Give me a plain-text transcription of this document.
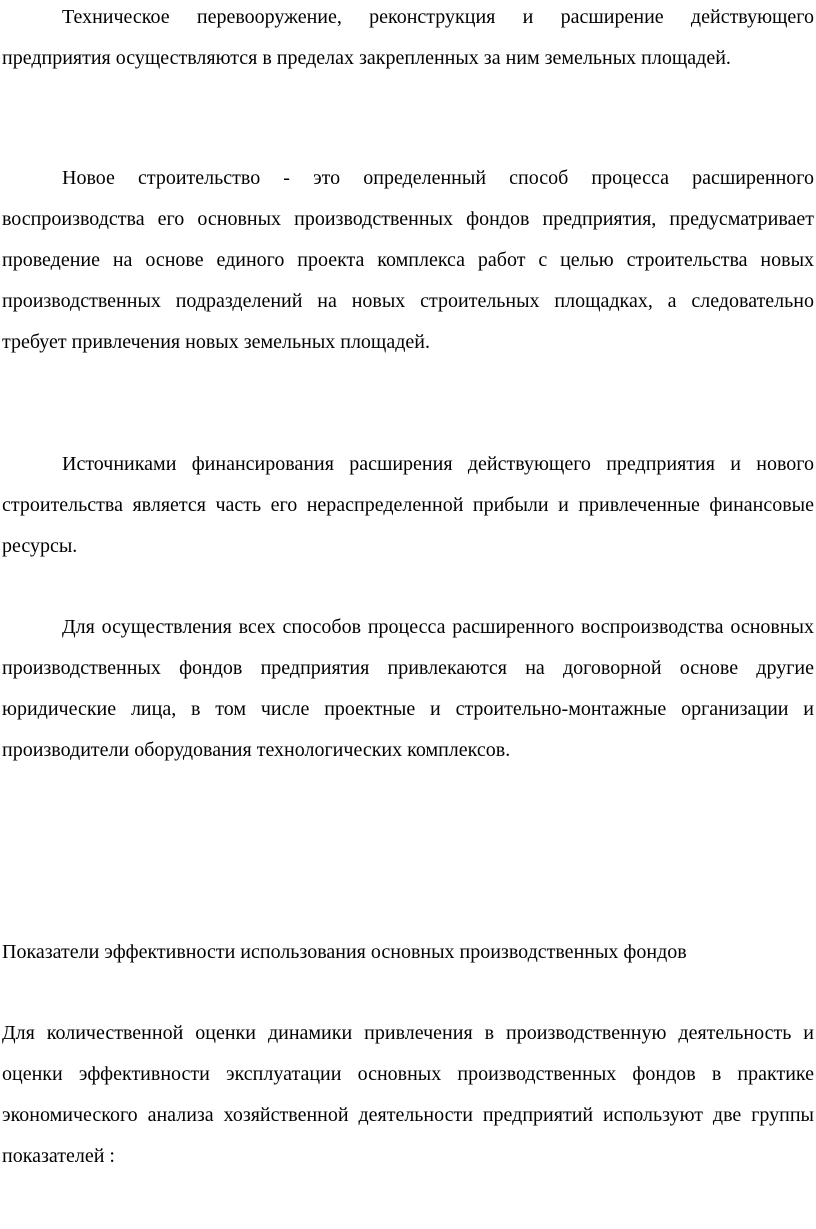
Техническое перевооружение, реконструкция и расширение действующего предприятия осуществляются в пределах закрепленных за ним земельных площадей.

Новое строительство - это определенный способ процесса расширенного воспроизводства его основных производственных фондов предприятия, предусматривает проведение на основе единого проекта комплекса работ с целью строительства новых производственных подразделений на новых строительных площадках, а следовательно требует привлечения новых земельных площадей.

Источниками финансирования расширения действующего предприятия и нового строительства является часть его нераспределенной прибыли и привлеченные финансовые ресурсы.

Для осуществления всех способов процесса расширенного воспроизводства основных производственных фондов предприятия привлекаются на договорной основе другие юридические лица, в том числе проектные и строительно-монтажные организации и производители оборудования технологических комплексов.

Показатели эффективности использования основных производственных фондов

Для количественной оценки динамики привлечения в производственную деятельность и оценки эффективности эксплуатации основных производственных фондов в практике экономического анализа хозяйственной деятельности предприятий используют две группы показателей :
